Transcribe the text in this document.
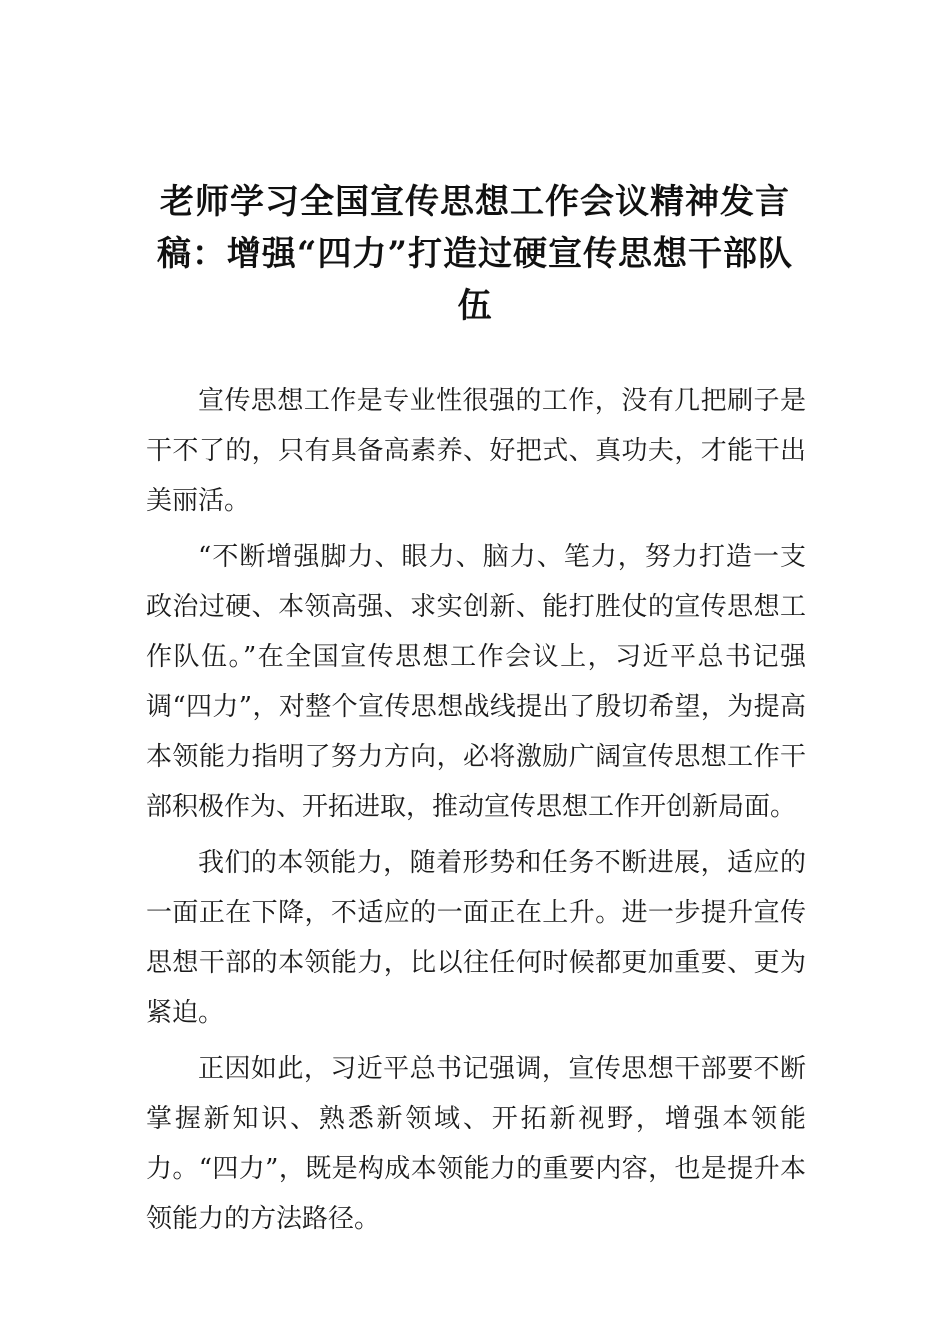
老师学习全国宣传思想工作会议精神发言稿：增强“四力”打造过硬宣传思想干部队伍

宣传思想工作是专业性很强的工作，没有几把刷子是干不了的，只有具备高素养、好把式、真功夫，才能干出美丽活。

“不断增强脚力、眼力、脑力、笔力，努力打造一支政治过硬、本领高强、求实创新、能打胜仗的宣传思想工作队伍。”在全国宣传思想工作会议上，习近平总书记强调“四力”，对整个宣传思想战线提出了殷切希望，为提高本领能力指明了努力方向，必将激励广阔宣传思想工作干部积极作为、开拓进取，推动宣传思想工作开创新局面。

我们的本领能力，随着形势和任务不断进展，适应的一面正在下降，不适应的一面正在上升。进一步提升宣传思想干部的本领能力，比以往任何时候都更加重要、更为紧迫。

正因如此，习近平总书记强调，宣传思想干部要不断掌握新知识、熟悉新领域、开拓新视野，增强本领能力。“四力”，既是构成本领能力的重要内容，也是提升本领能力的方法路径。
